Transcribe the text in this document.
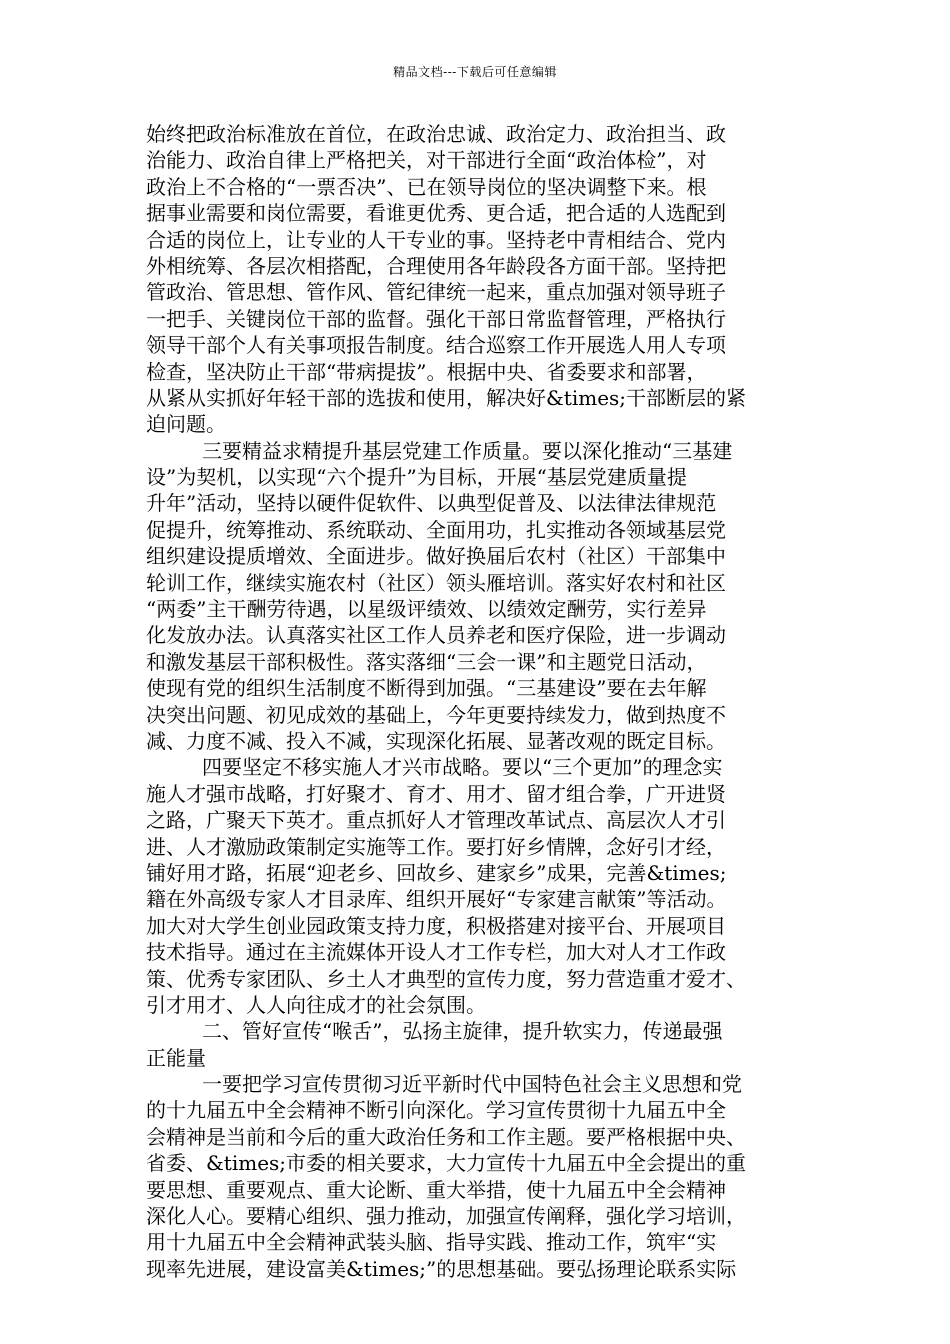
精品文档---下载后可任意编辑
始终把政治标准放在首位，在政治忠诚、政治定力、政治担当、政
治能力、政治自律上严格把关，对干部进行全面“政治体检”，对
政治上不合格的“一票否决”、已在领导岗位的坚决调整下来。根
据事业需要和岗位需要，看谁更优秀、更合适，把合适的人选配到
合适的岗位上，让专业的人干专业的事。坚持老中青相结合、党内
外相统筹、各层次相搭配，合理使用各年龄段各方面干部。坚持把
管政治、管思想、管作风、管纪律统一起来，重点加强对领导班子
一把手、关键岗位干部的监督。强化干部日常监督管理，严格执行
领导干部个人有关事项报告制度。结合巡察工作开展选人用人专项
检查，坚决防止干部“带病提拔”。根据中央、省委要求和部署，
从紧从实抓好年轻干部的选拔和使用，解决好&times;干部断层的紧
迫问题。
三要精益求精提升基层党建工作质量。要以深化推动“三基建
设”为契机，以实现“六个提升”为目标，开展“基层党建质量提
升年”活动，坚持以硬件促软件、以典型促普及、以法律法律规范
促提升，统筹推动、系统联动、全面用功，扎实推动各领域基层党
组织建设提质增效、全面进步。做好换届后农村（社区）干部集中
轮训工作，继续实施农村（社区）领头雁培训。落实好农村和社区
“两委”主干酬劳待遇，以星级评绩效、以绩效定酬劳，实行差异
化发放办法。认真落实社区工作人员养老和医疗保险，进一步调动
和激发基层干部积极性。落实落细“三会一课”和主题党日活动，
使现有党的组织生活制度不断得到加强。“三基建设”要在去年解
决突出问题、初见成效的基础上，今年更要持续发力，做到热度不
减、力度不减、投入不减，实现深化拓展、显著改观的既定目标。
四要坚定不移实施人才兴市战略。要以“三个更加”的理念实
施人才强市战略，打好聚才、育才、用才、留才组合拳，广开进贤
之路，广聚天下英才。重点抓好人才管理改革试点、高层次人才引
进、人才激励政策制定实施等工作。要打好乡情牌，念好引才经，
铺好用才路，拓展“迎老乡、回故乡、建家乡”成果，完善&times;
籍在外高级专家人才目录库、组织开展好“专家建言献策”等活动。
加大对大学生创业园政策支持力度，积极搭建对接平台、开展项目
技术指导。通过在主流媒体开设人才工作专栏，加大对人才工作政
策、优秀专家团队、乡土人才典型的宣传力度，努力营造重才爱才、
引才用才、人人向往成才的社会氛围。
二、管好宣传“喉舌”，弘扬主旋律，提升软实力，传递最强
正能量
一要把学习宣传贯彻习近平新时代中国特色社会主义思想和党
的十九届五中全会精神不断引向深化。学习宣传贯彻十九届五中全
会精神是当前和今后的重大政治任务和工作主题。要严格根据中央、
省委、&times;市委的相关要求，大力宣传十九届五中全会提出的重
要思想、重要观点、重大论断、重大举措，使十九届五中全会精神
深化人心。要精心组织、强力推动，加强宣传阐释，强化学习培训，
用十九届五中全会精神武装头脑、指导实践、推动工作，筑牢“实
现率先进展，建设富美&times;”的思想基础。要弘扬理论联系实际
